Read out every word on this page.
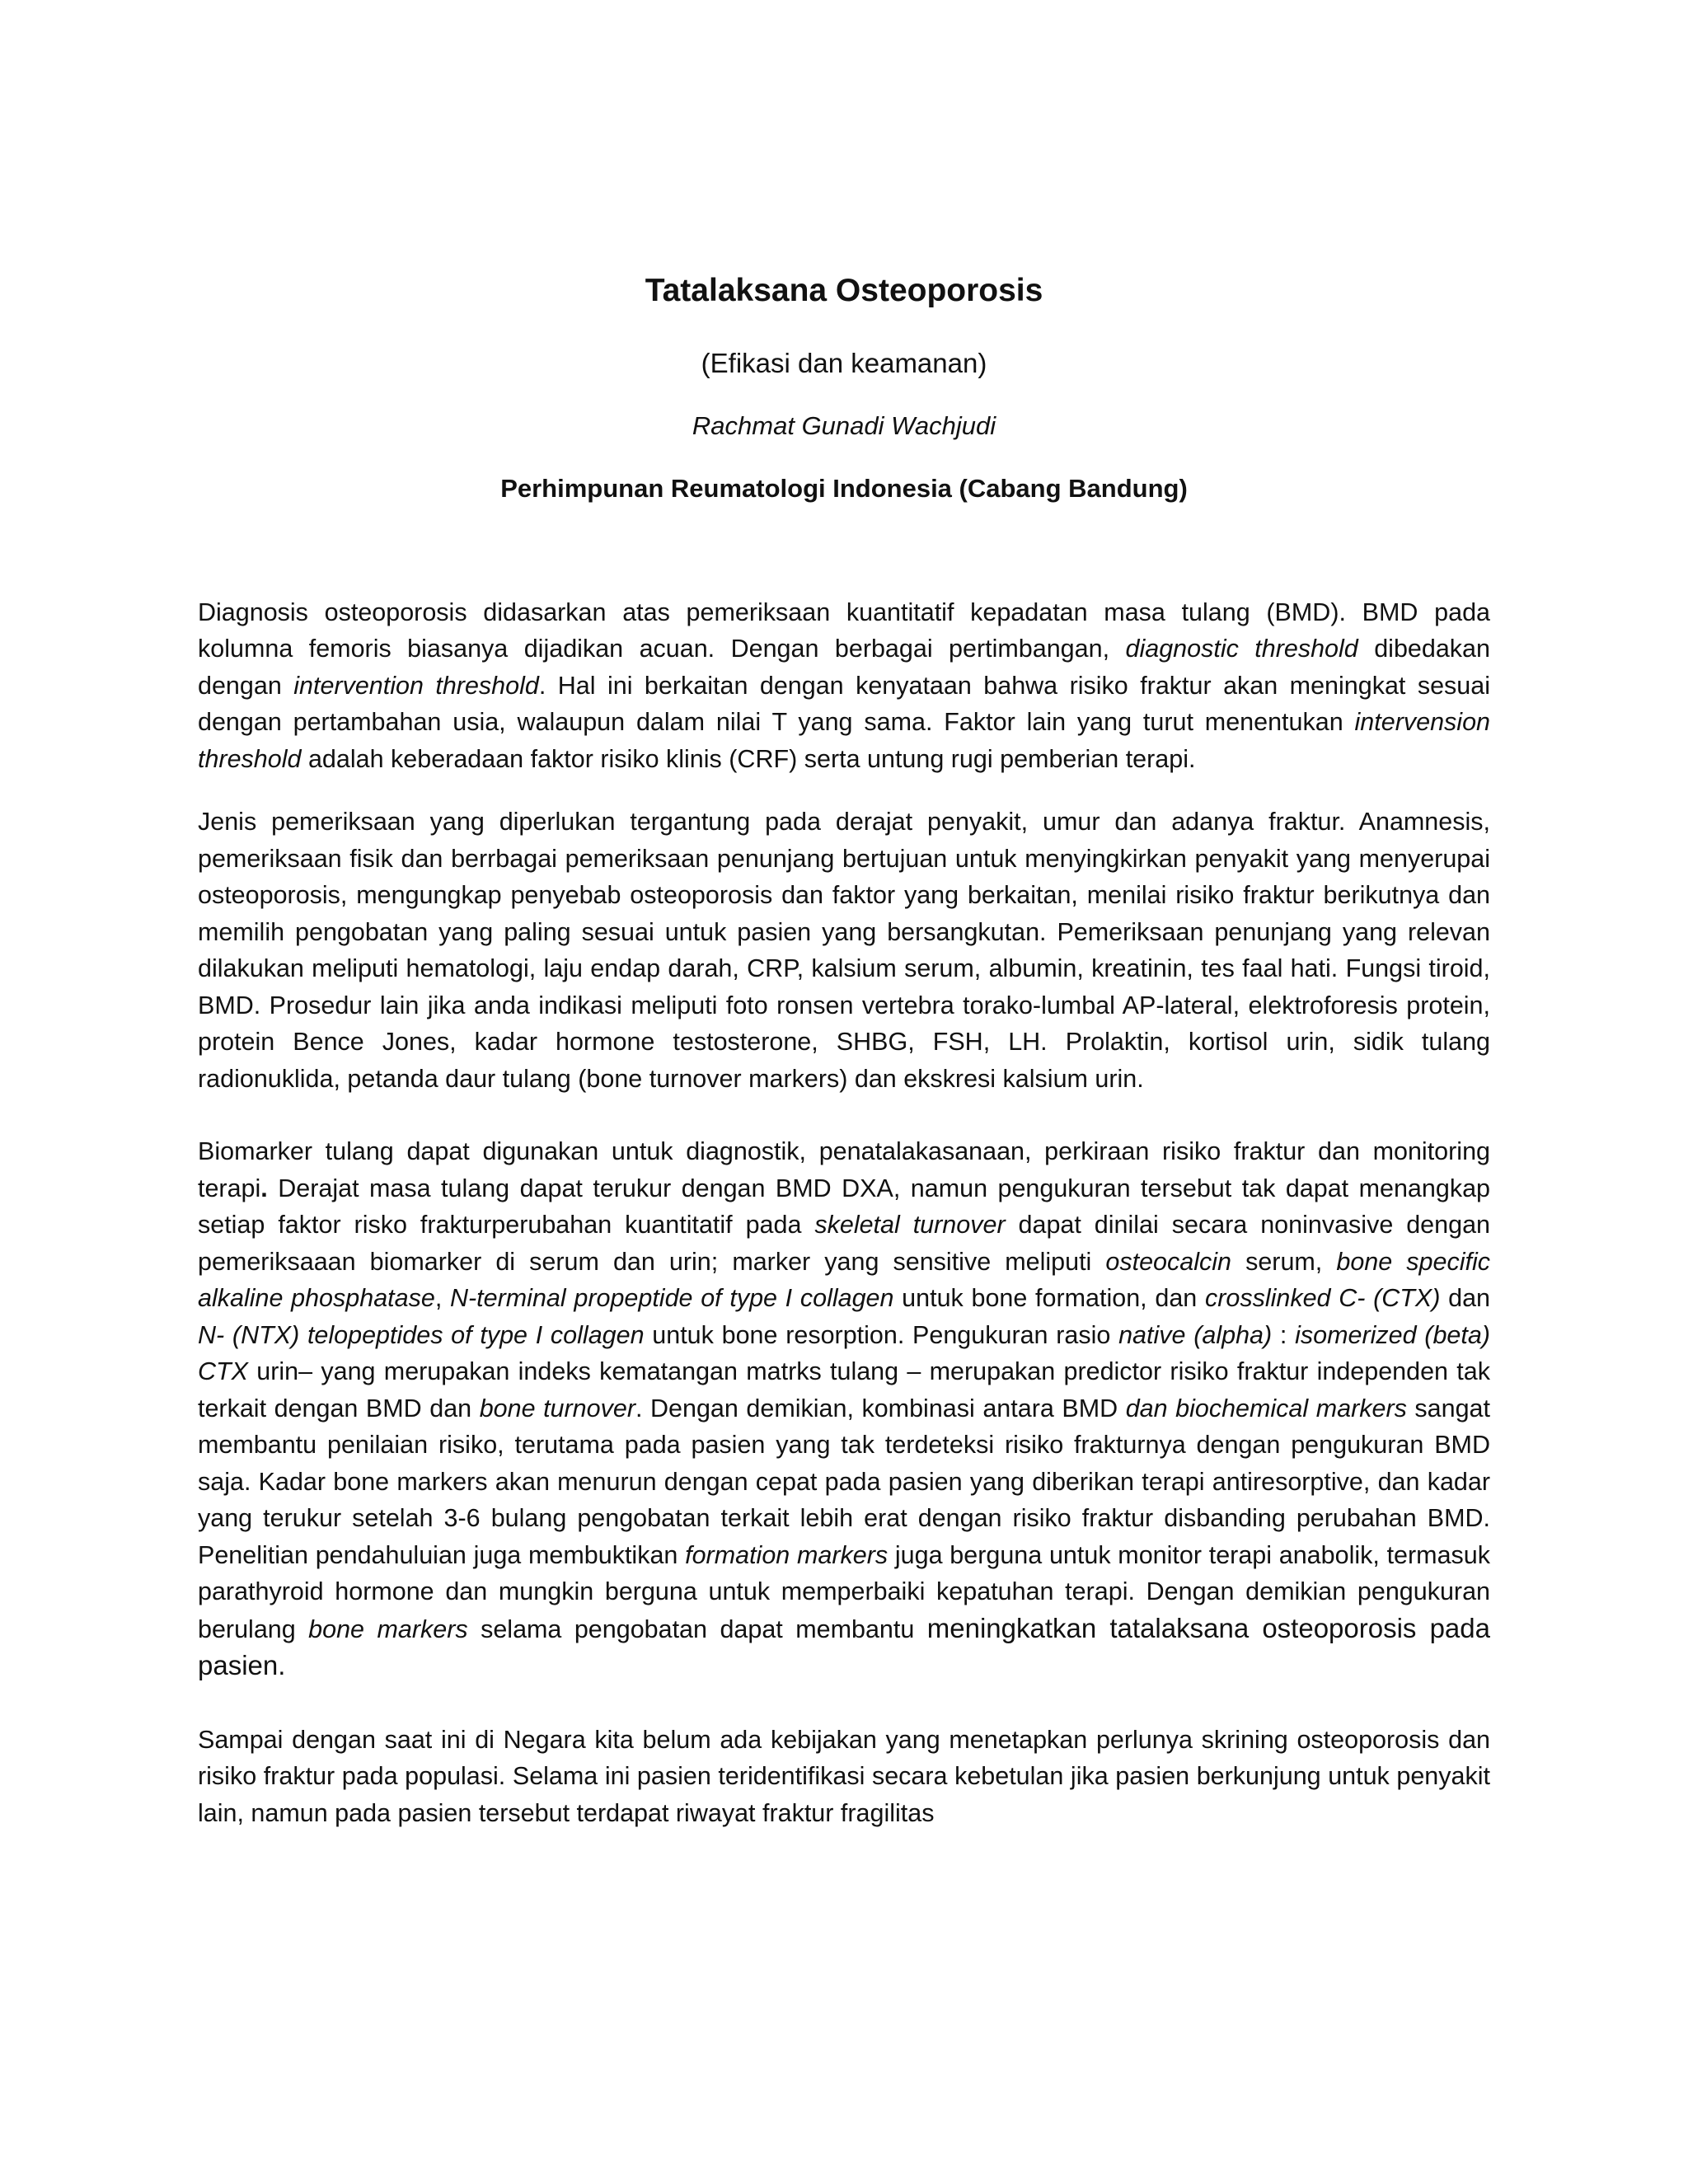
Tatalaksana Osteoporosis
(Efikasi dan keamanan)
Rachmat Gunadi Wachjudi
Perhimpunan Reumatologi Indonesia (Cabang Bandung)

Diagnosis osteoporosis didasarkan atas pemeriksaan kuantitatif kepadatan masa tulang (BMD). BMD pada kolumna femoris biasanya dijadikan acuan. Dengan berbagai pertimbangan, diagnostic threshold dibedakan dengan intervention threshold. Hal ini berkaitan dengan kenyataan bahwa risiko fraktur akan meningkat sesuai dengan pertambahan usia, walaupun dalam nilai T yang sama. Faktor lain yang turut menentukan intervension threshold adalah keberadaan faktor risiko klinis (CRF) serta untung rugi pemberian terapi.

Jenis pemeriksaan yang diperlukan tergantung pada derajat penyakit, umur dan adanya fraktur. Anamnesis, pemeriksaan fisik dan berrbagai pemeriksaan penunjang bertujuan untuk menyingkirkan penyakit yang menyerupai osteoporosis, mengungkap penyebab osteoporosis dan faktor yang berkaitan, menilai risiko fraktur berikutnya dan memilih pengobatan yang paling sesuai untuk pasien yang bersangkutan. Pemeriksaan penunjang yang relevan dilakukan meliputi hematologi, laju endap darah, CRP, kalsium serum, albumin, kreatinin, tes faal hati. Fungsi tiroid, BMD. Prosedur lain jika anda indikasi meliputi foto ronsen vertebra torako-lumbal AP-lateral, elektroforesis protein, protein Bence Jones, kadar hormone testosterone, SHBG, FSH, LH. Prolaktin, kortisol urin, sidik tulang radionuklida, petanda daur tulang (bone turnover markers) dan ekskresi kalsium urin.

Biomarker tulang dapat digunakan untuk diagnostik, penatalakasanaan, perkiraan risiko fraktur dan monitoring terapi. Derajat masa tulang dapat terukur dengan BMD DXA, namun pengukuran tersebut tak dapat menangkap setiap faktor risko frakturperubahan kuantitatif pada skeletal turnover dapat dinilai secara noninvasive dengan pemeriksaaan biomarker di serum dan urin; marker yang sensitive meliputi osteocalcin serum, bone specific alkaline phosphatase, N-terminal propeptide of type I collagen untuk bone formation, dan crosslinked C- (CTX) dan N- (NTX) telopeptides of type I collagen untuk bone resorption. Pengukuran rasio native (alpha) : isomerized (beta) CTX urin– yang merupakan indeks kematangan matrks tulang – merupakan predictor risiko fraktur independen tak terkait dengan BMD dan bone turnover. Dengan demikian, kombinasi antara BMD dan biochemical markers sangat membantu penilaian risiko, terutama pada pasien yang tak terdeteksi risiko frakturnya dengan pengukuran BMD saja. Kadar bone markers akan menurun dengan cepat pada pasien yang diberikan terapi antiresorptive, dan kadar yang terukur setelah 3-6 bulang pengobatan terkait lebih erat dengan risiko fraktur disbanding perubahan BMD. Penelitian pendahuluian juga membuktikan formation markers juga berguna untuk monitor terapi anabolik, termasuk parathyroid hormone dan mungkin berguna untuk memperbaiki kepatuhan terapi. Dengan demikian pengukuran berulang bone markers selama pengobatan dapat membantu meningkatkan tatalaksana osteoporosis pada pasien.

Sampai dengan saat ini di Negara kita belum ada kebijakan yang menetapkan perlunya skrining osteoporosis dan risiko fraktur pada populasi. Selama ini pasien teridentifikasi secara kebetulan jika pasien berkunjung untuk penyakit lain, namun pada pasien tersebut terdapat riwayat fraktur fragilitas
